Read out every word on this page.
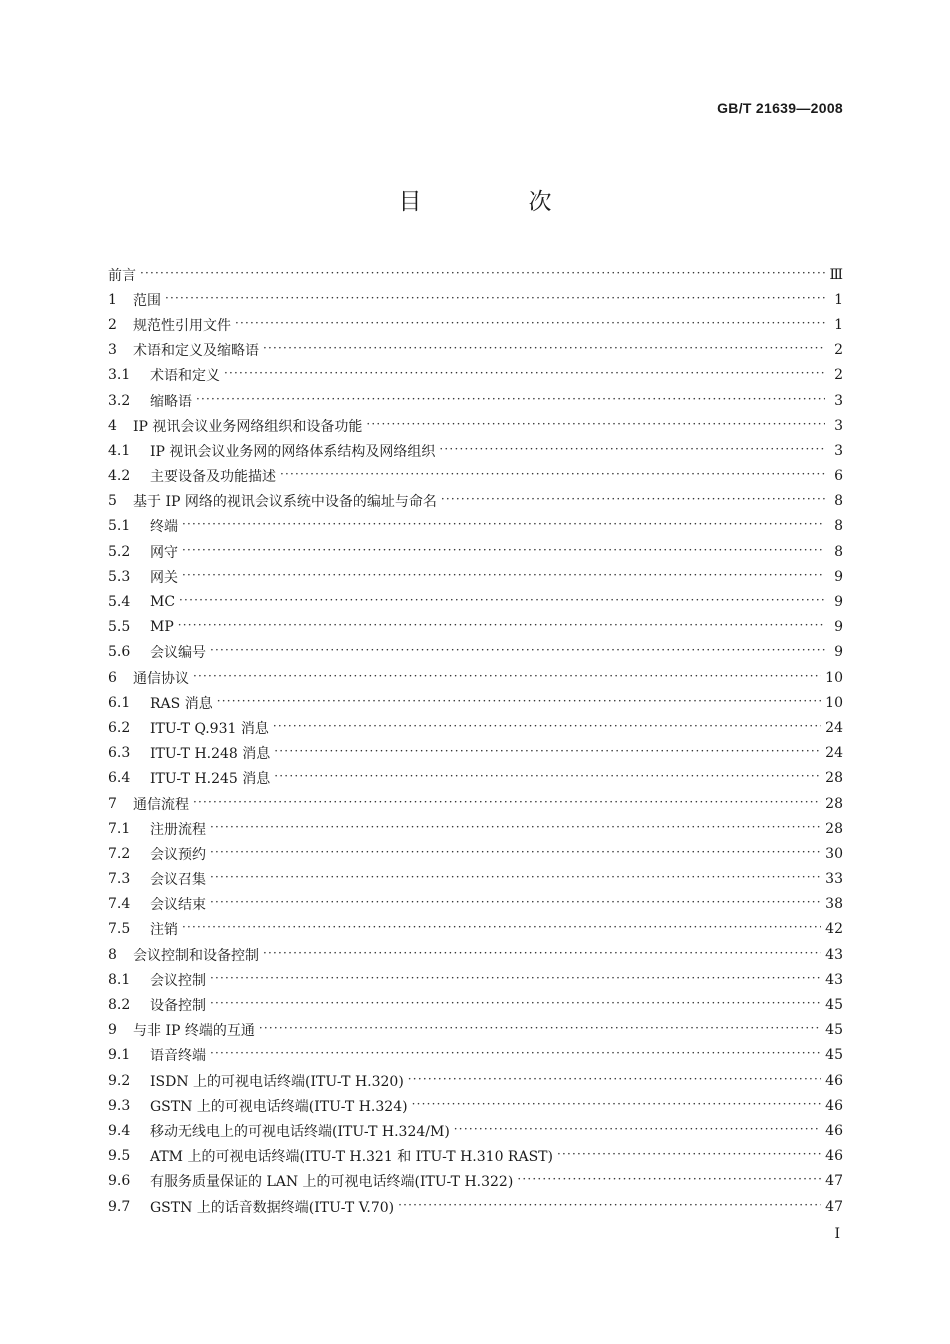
GB/T 21639—2008
目　次
前言 ·····	Ⅲ
1	范围 ·····	1
2	规范性引用文件 ·····	1
3	术语和定义及缩略语 ·····	2
3.1	术语和定义 ·····	2
3.2	缩略语 ·····	3
4	IP 视讯会议业务网络组织和设备功能 ·····	3
4.1	IP 视讯会议业务网的网络体系结构及网络组织 ·····	3
4.2	主要设备及功能描述 ·····	6
5	基于 IP 网络的视讯会议系统中设备的编址与命名 ·····	8
5.1	终端 ·····	8
5.2	网守 ·····	8
5.3	网关 ·····	9
5.4	MC ·····	9
5.5	MP ·····	9
5.6	会议编号 ·····	9
6	通信协议 ·····	10
6.1	RAS 消息 ·····	10
6.2	ITU-T Q.931 消息 ·····	24
6.3	ITU-T H.248 消息 ·····	24
6.4	ITU-T H.245 消息 ·····	28
7	通信流程 ·····	28
7.1	注册流程 ·····	28
7.2	会议预约 ·····	30
7.3	会议召集 ·····	33
7.4	会议结束 ·····	38
7.5	注销 ·····	42
8	会议控制和设备控制 ·····	43
8.1	会议控制 ·····	43
8.2	设备控制 ·····	45
9	与非 IP 终端的互通 ·····	45
9.1	语音终端 ·····	45
9.2	ISDN 上的可视电话终端(ITU-T H.320) ·····	46
9.3	GSTN 上的可视电话终端(ITU-T H.324) ·····	46
9.4	移动无线电上的可视电话终端(ITU-T H.324/M) ·····	46
9.5	ATM 上的可视电话终端(ITU-T H.321 和 ITU-T H.310 RAST) ·····	46
9.6	有服务质量保证的 LAN 上的可视电话终端(ITU-T H.322) ·····	47
9.7	GSTN 上的话音数据终端(ITU-T V.70) ·····	47
I
